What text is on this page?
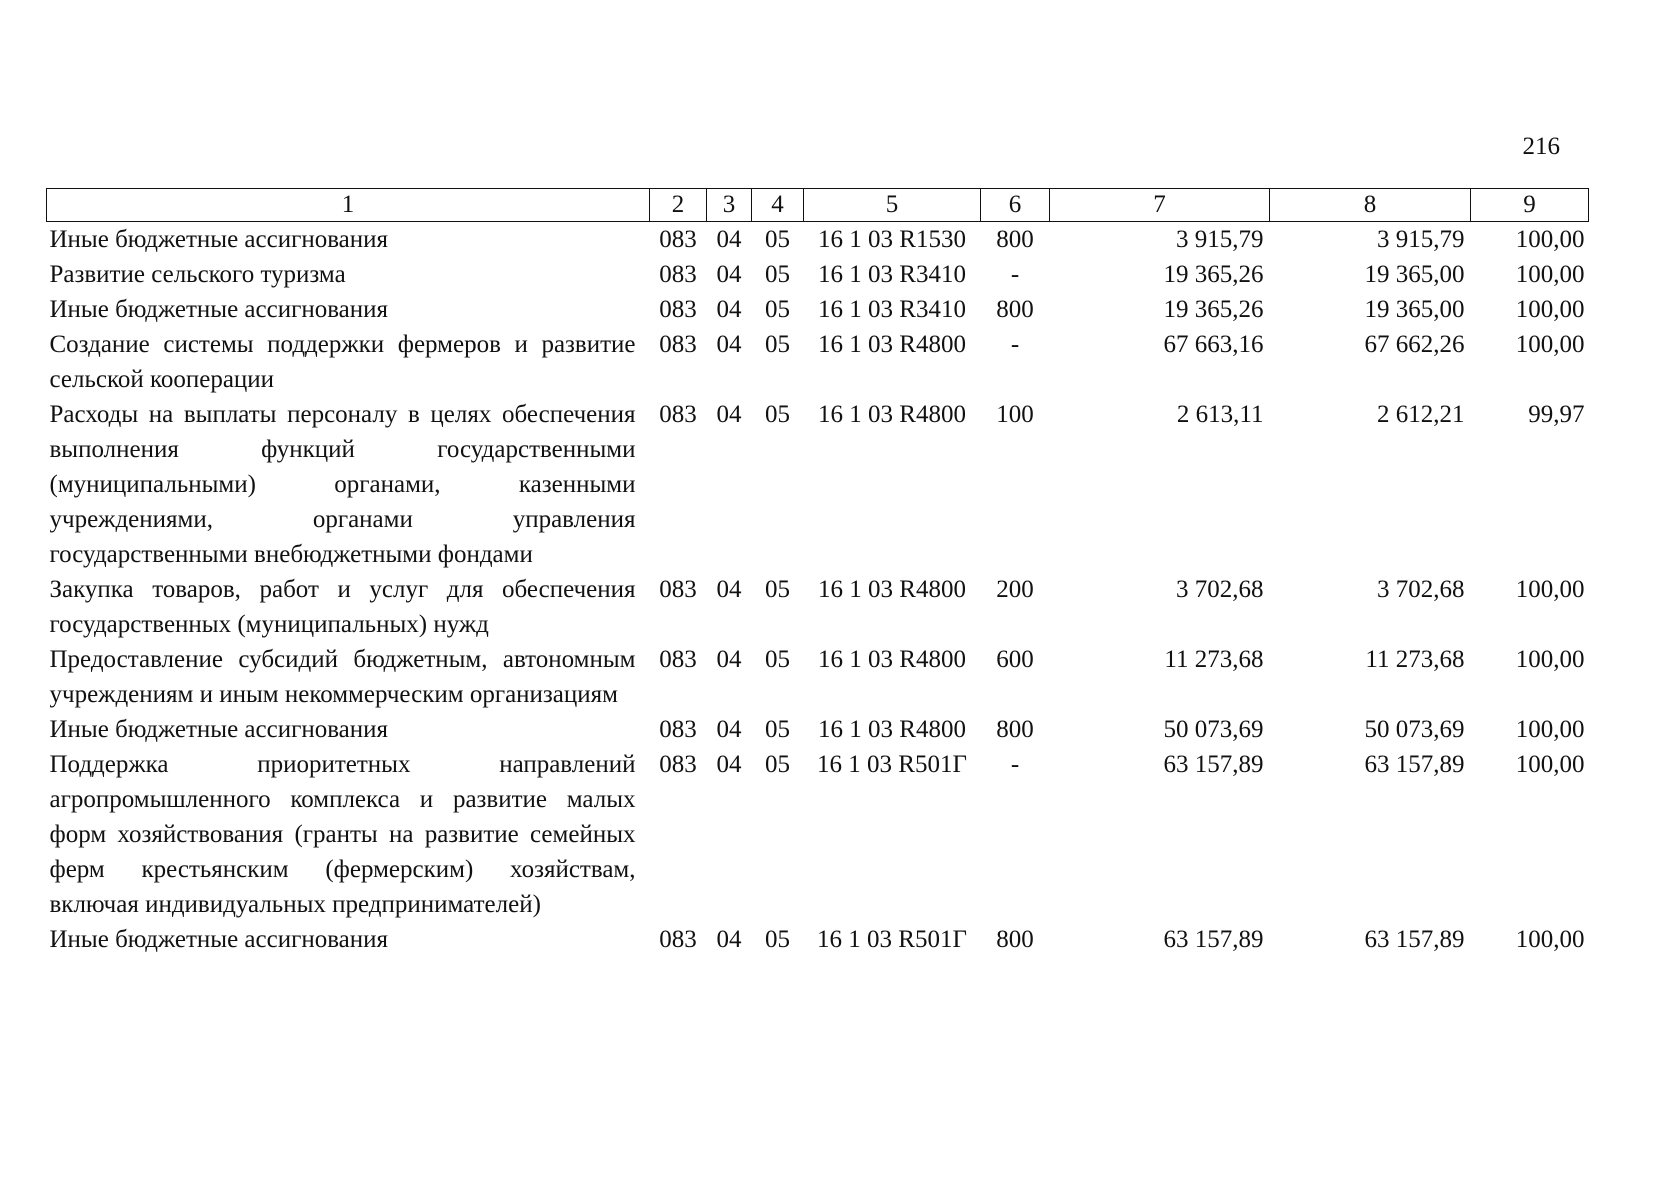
216
1	2	3	4	5	6	7	8	9
Иные бюджетные ассигнования	083	04	05	16 1 03 R1530	800	3 915,79	3 915,79	100,00
Развитие сельского туризма	083	04	05	16 1 03 R3410	-	19 365,26	19 365,00	100,00
Иные бюджетные ассигнования	083	04	05	16 1 03 R3410	800	19 365,26	19 365,00	100,00
Создание системы поддержки фермеров и развитие сельской кооперации	083	04	05	16 1 03 R4800	-	67 663,16	67 662,26	100,00
Расходы на выплаты персоналу в целях обеспечения выполнения функций государственными (муниципальными) органами, казенными учреждениями, органами управления государственными внебюджетными фондами	083	04	05	16 1 03 R4800	100	2 613,11	2 612,21	99,97
Закупка товаров, работ и услуг для обеспечения государственных (муниципальных) нужд	083	04	05	16 1 03 R4800	200	3 702,68	3 702,68	100,00
Предоставление субсидий бюджетным, автономным учреждениям и иным некоммерческим организациям	083	04	05	16 1 03 R4800	600	11 273,68	11 273,68	100,00
Иные бюджетные ассигнования	083	04	05	16 1 03 R4800	800	50 073,69	50 073,69	100,00
Поддержка приоритетных направлений агропромышленного комплекса и развитие малых форм хозяйствования (гранты на развитие семейных ферм крестьянским (фермерским) хозяйствам, включая индивидуальных предпринимателей)	083	04	05	16 1 03 R501Г	-	63 157,89	63 157,89	100,00
Иные бюджетные ассигнования	083	04	05	16 1 03 R501Г	800	63 157,89	63 157,89	100,00
